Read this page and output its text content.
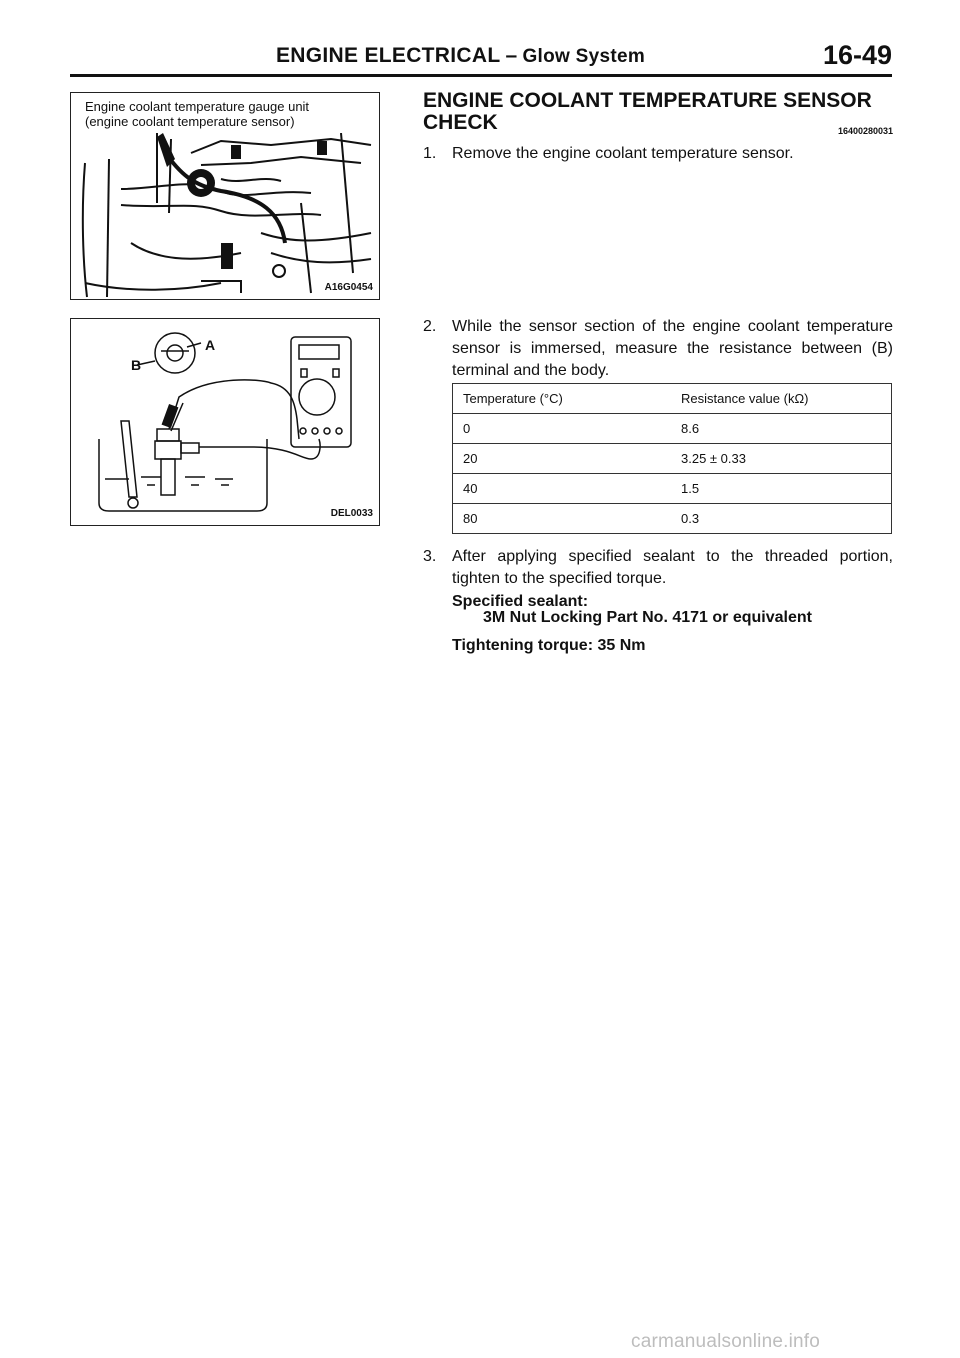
ENGINE ELECTRICAL – Glow System	16-49
Engine coolant temperature gauge unit
(engine coolant temperature sensor)
A16G0454
A
B
DEL0033
ENGINE COOLANT TEMPERATURE SENSOR
CHECK	16400280031
1. Remove the engine coolant temperature sensor.
2. While the sensor section of the engine coolant temperature sensor is immersed, measure the resistance between (B) terminal and the body.
Temperature (°C)	Resistance value (kΩ)
0	8.6
20	3.25 ± 0.33
40	1.5
80	0.3
3. After applying specified sealant to the threaded portion, tighten to the specified torque.
Specified sealant:
3M Nut Locking Part No. 4171 or equivalent
Tightening torque: 35 Nm
carmanualsonline.info
